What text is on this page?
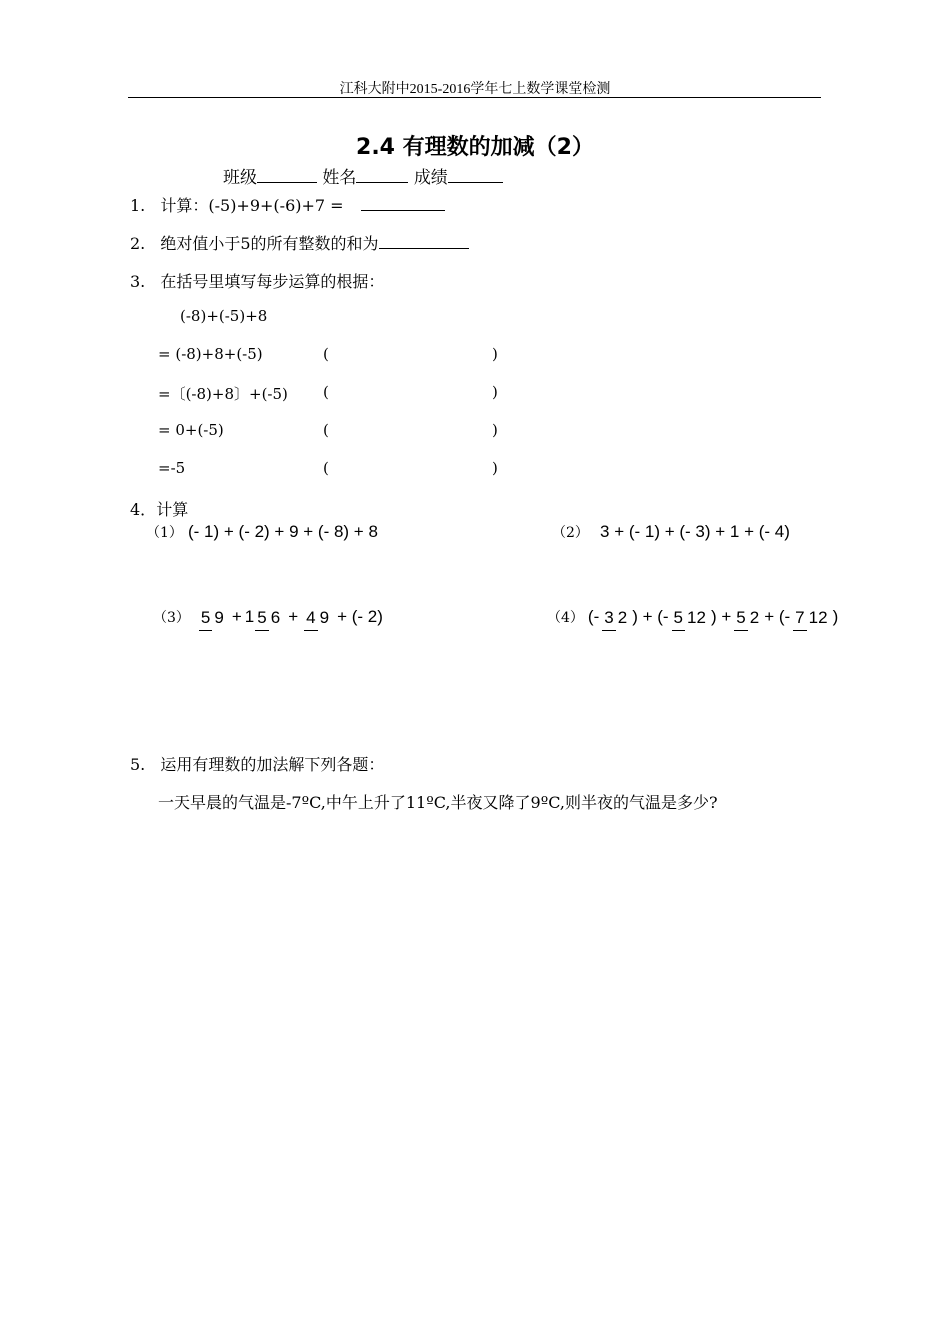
江科大附中2015-2016学年七上数学课堂检测
2.4 有理数的加减（2）
班级	姓名	成绩
1. 计算：(-5)+9+(-6)+7 =
2. 绝对值小于5的所有整数的和为
3. 在括号里填写每步运算的根据：
(-8)+(-5)+8
= (-8)+8+(-5)	(	)
=〔(-8)+8〕+(-5) (	)
= 0+(-5)	(	)
=-5	(	)
4．计算
（1） (- 1) + (- 2) + 9 + (- 8) + 8	（2） 3 + (- 1) + (- 3) + 1 + (- 4)
（3） 5 9 + 1 5 6 + 4 9 + (- 2)	（4） (- 3 2 ) + (- 5 12 ) + 5 2 + (- 7 12 )
5. 运用有理数的加法解下列各题：
一天早晨的气温是-7ºC,中午上升了11ºC,半夜又降了9ºC,则半夜的气温是多少?
